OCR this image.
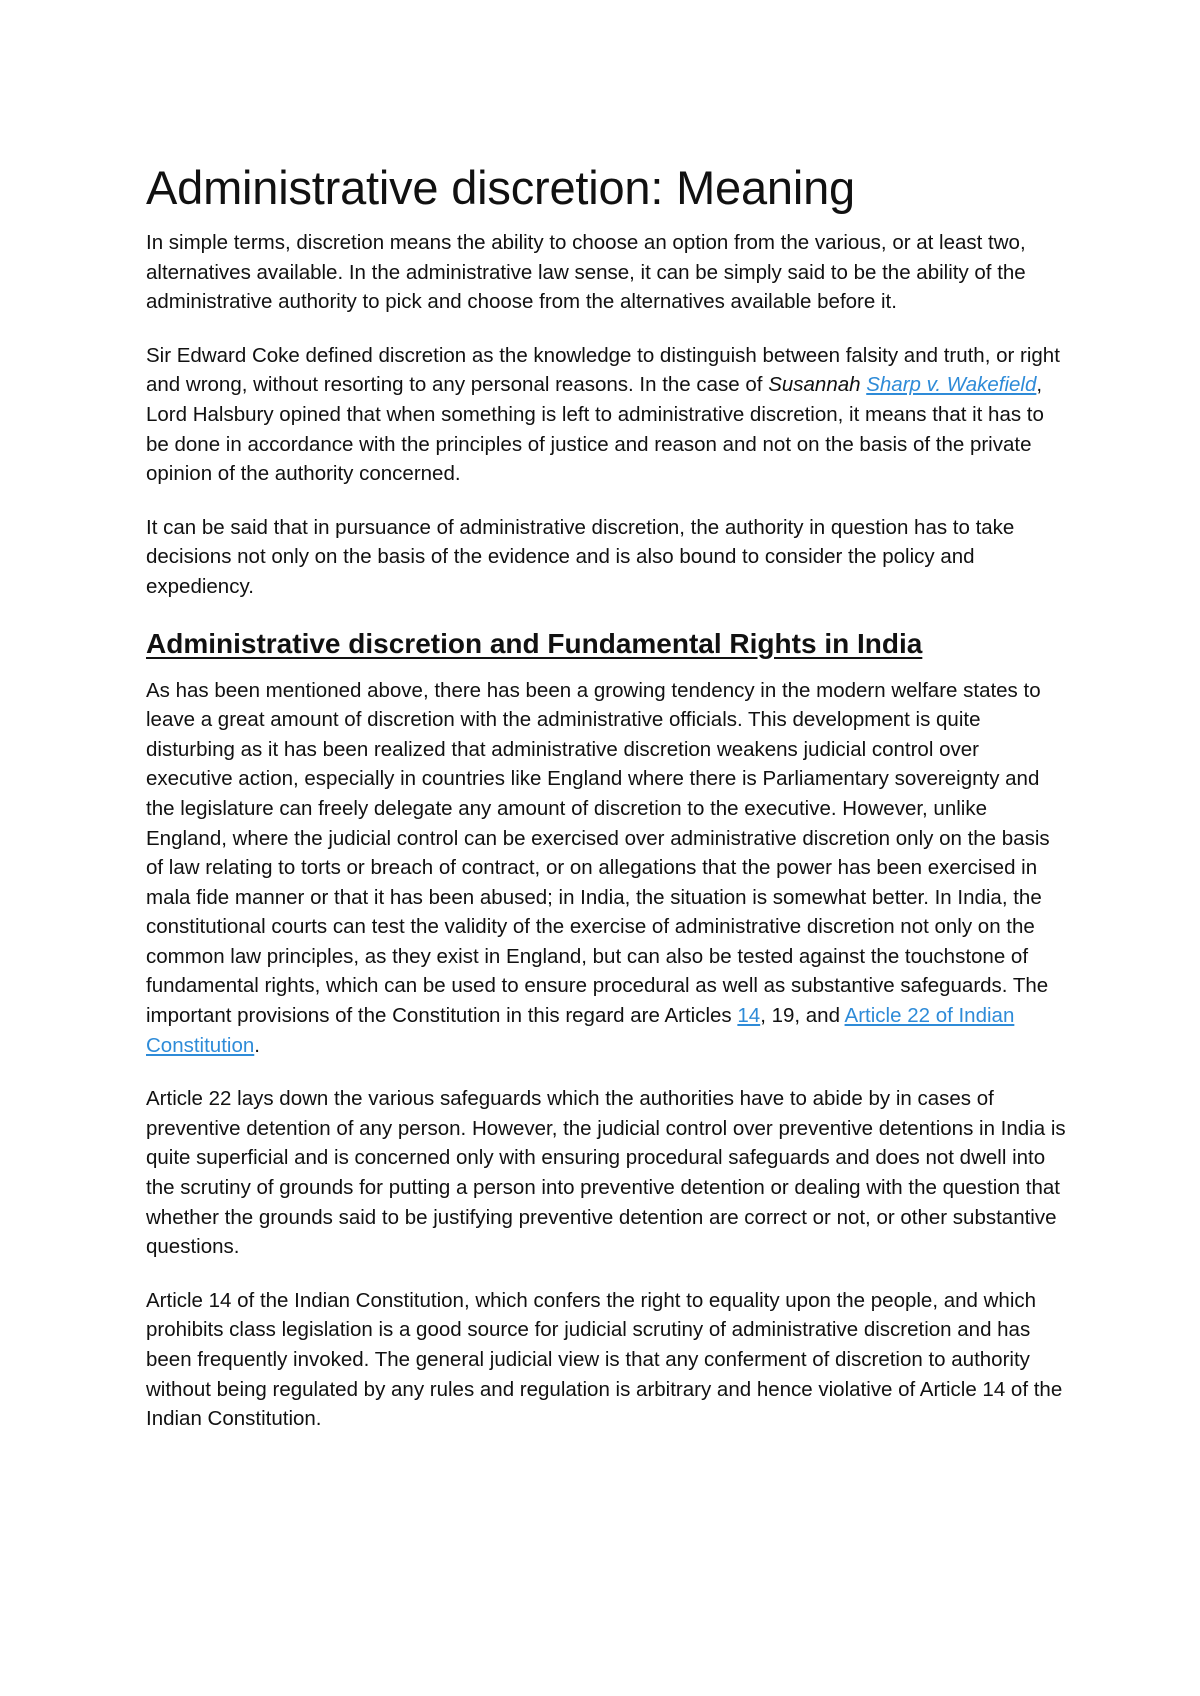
Administrative discretion: Meaning

In simple terms, discretion means the ability to choose an option from the various, or at least two, alternatives available. In the administrative law sense, it can be simply said to be the ability of the administrative authority to pick and choose from the alternatives available before it.

Sir Edward Coke defined discretion as the knowledge to distinguish between falsity and truth, or right and wrong, without resorting to any personal reasons. In the case of Susannah Sharp v. Wakefield, Lord Halsbury opined that when something is left to administrative discretion, it means that it has to be done in accordance with the principles of justice and reason and not on the basis of the private opinion of the authority concerned.

It can be said that in pursuance of administrative discretion, the authority in question has to take decisions not only on the basis of the evidence and is also bound to consider the policy and expediency.

Administrative discretion and Fundamental Rights in India

As has been mentioned above, there has been a growing tendency in the modern welfare states to leave a great amount of discretion with the administrative officials. This development is quite disturbing as it has been realized that administrative discretion weakens judicial control over executive action, especially in countries like England where there is Parliamentary sovereignty and the legislature can freely delegate any amount of discretion to the executive. However, unlike England, where the judicial control can be exercised over administrative discretion only on the basis of law relating to torts or breach of contract, or on allegations that the power has been exercised in mala fide manner or that it has been abused; in India, the situation is somewhat better. In India, the constitutional courts can test the validity of the exercise of administrative discretion not only on the common law principles, as they exist in England, but can also be tested against the touchstone of fundamental rights, which can be used to ensure procedural as well as substantive safeguards. The important provisions of the Constitution in this regard are Articles 14, 19, and Article 22 of Indian Constitution.

Article 22 lays down the various safeguards which the authorities have to abide by in cases of preventive detention of any person. However, the judicial control over preventive detentions in India is quite superficial and is concerned only with ensuring procedural safeguards and does not dwell into the scrutiny of grounds for putting a person into preventive detention or dealing with the question that whether the grounds said to be justifying preventive detention are correct or not, or other substantive questions.

Article 14 of the Indian Constitution, which confers the right to equality upon the people, and which prohibits class legislation is a good source for judicial scrutiny of administrative discretion and has been frequently invoked. The general judicial view is that any conferment of discretion to authority without being regulated by any rules and regulation is arbitrary and hence violative of Article 14 of the Indian Constitution.
